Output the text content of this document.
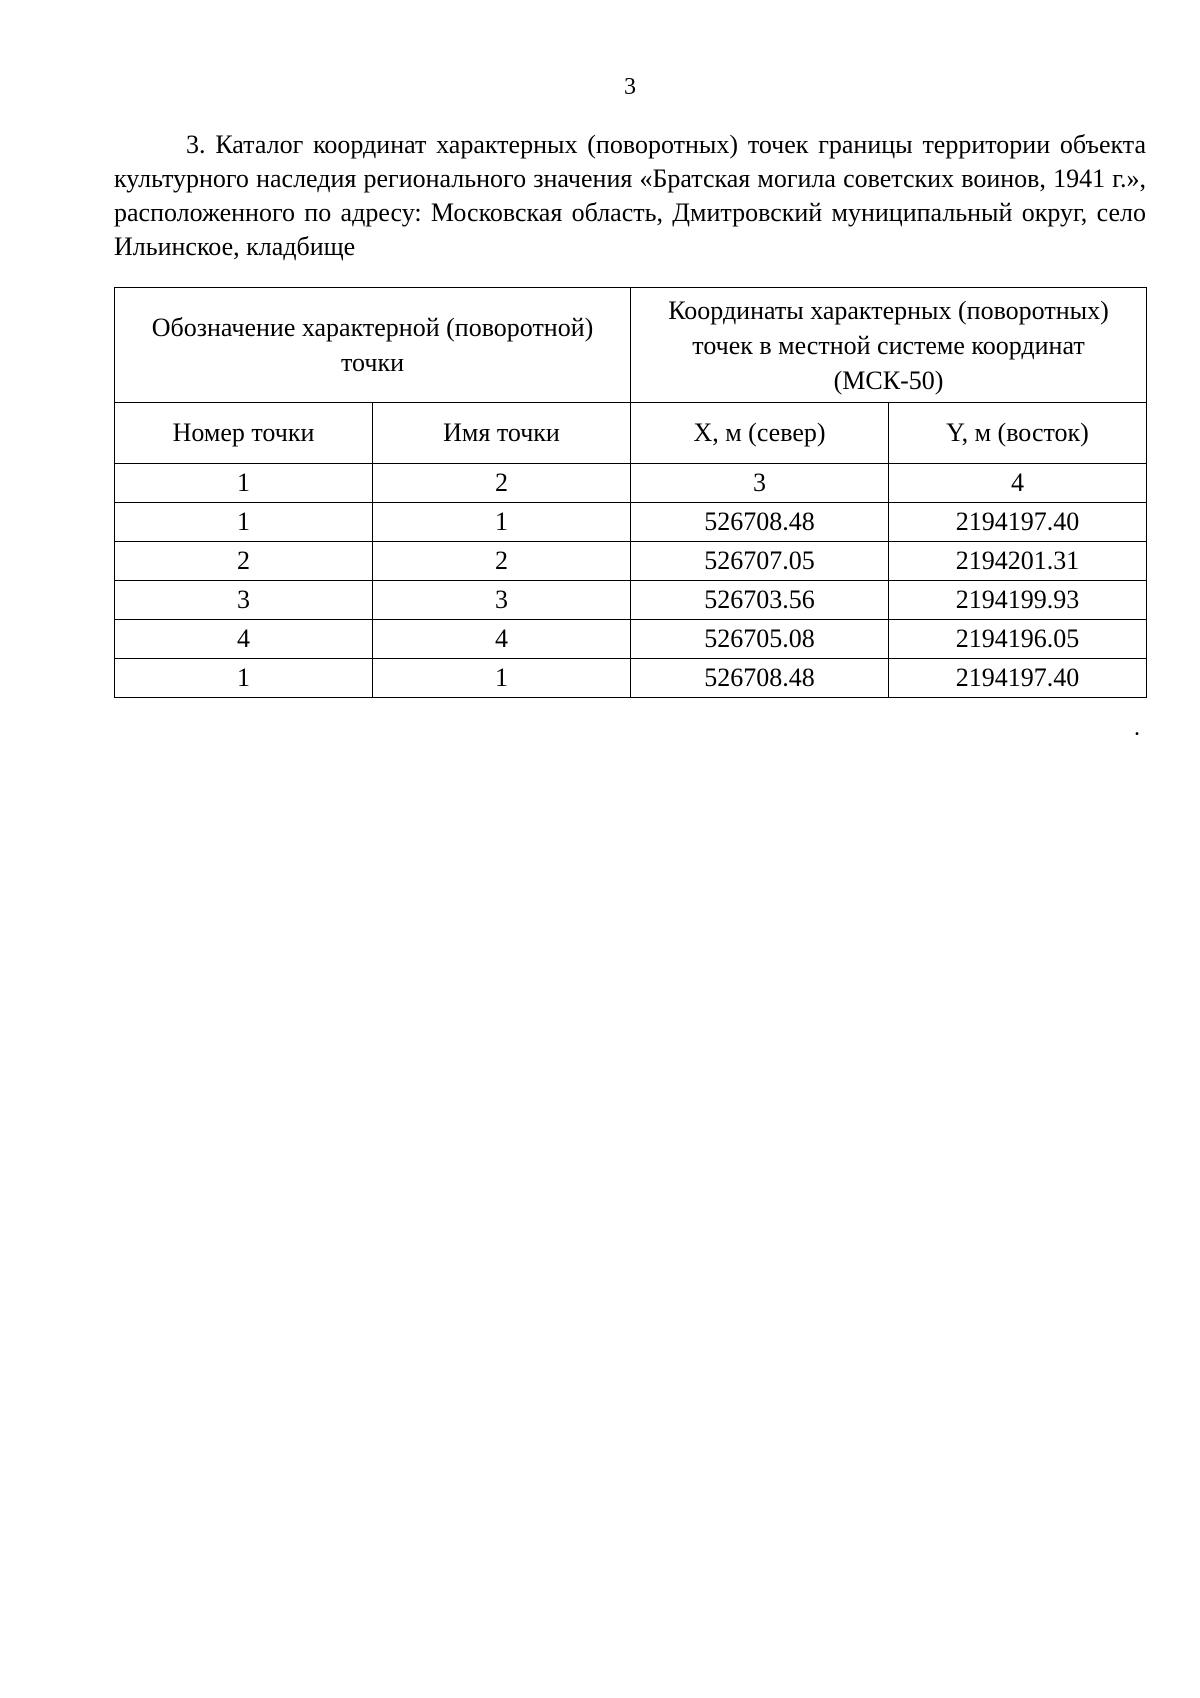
3

3. Каталог координат характерных (поворотных) точек границы территории объекта культурного наследия регионального значения «Братская могила советских воинов, 1941 г.», расположенного по адресу: Московская область, Дмитровский муниципальный округ, село Ильинское, кладбище

Обозначение характерной (поворотной) точки		Координаты характерных (поворотных) точек в местной системе координат (МСК-50)	
Номер точки	Имя точки	X, м (север)	Y, м (восток)
1	2	3	4
1	1	526708.48	2194197.40
2	2	526707.05	2194201.31
3	3	526703.56	2194199.93
4	4	526705.08	2194196.05
1	1	526708.48	2194197.40
.
